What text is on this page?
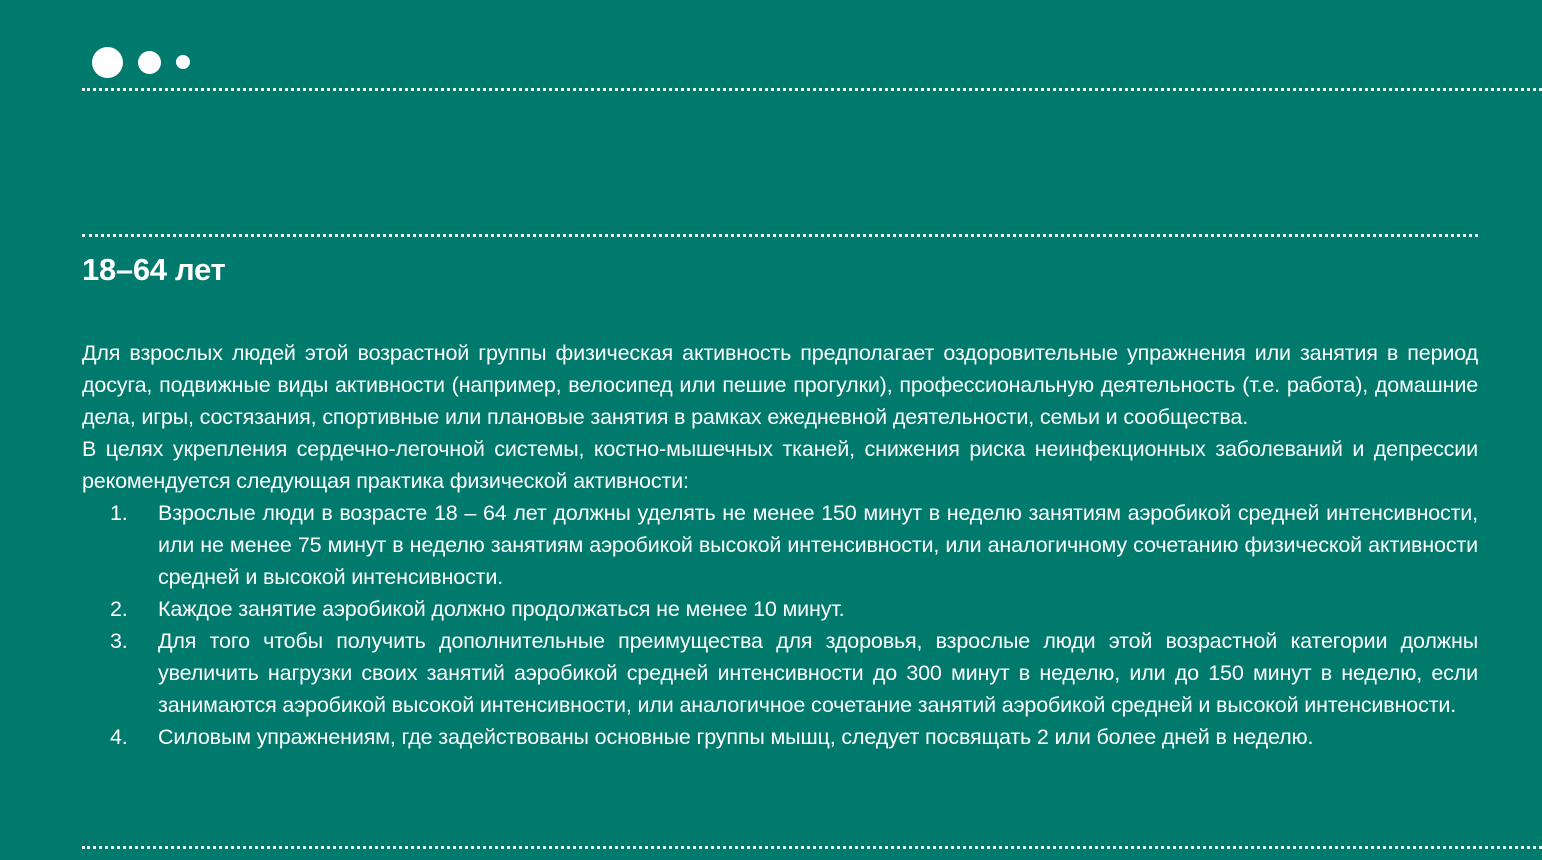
18–64 лет

Для взрослых людей этой возрастной группы физическая активность предполагает оздоровительные упражнения или занятия в период досуга, подвижные виды активности (например, велосипед или пешие прогулки), профессиональную деятельность (т.е. работа), домашние дела, игры, состязания, спортивные или плановые занятия в рамках ежедневной деятельности, семьи и сообщества.

В целях укрепления сердечно-легочной системы, костно-мышечных тканей, снижения риска неинфекционных заболеваний и депрессии рекомендуется следующая практика физической активности:

1. Взрослые люди в возрасте 18 – 64 лет должны уделять не менее 150 минут в неделю занятиям аэробикой средней интенсивности, или не менее 75 минут в неделю занятиям аэробикой высокой интенсивности, или аналогичному сочетанию физической активности средней и высокой интенсивности.
2. Каждое занятие аэробикой должно продолжаться не менее 10 минут.
3. Для того чтобы получить дополнительные преимущества для здоровья, взрослые люди этой возрастной категории должны увеличить нагрузки своих занятий аэробикой средней интенсивности до 300 минут в неделю, или до 150 минут в неделю, если занимаются аэробикой высокой интенсивности, или аналогичное сочетание занятий аэробикой средней и высокой интенсивности.
4. Силовым упражнениям, где задействованы основные группы мышц, следует посвящать 2 или более дней в неделю.
